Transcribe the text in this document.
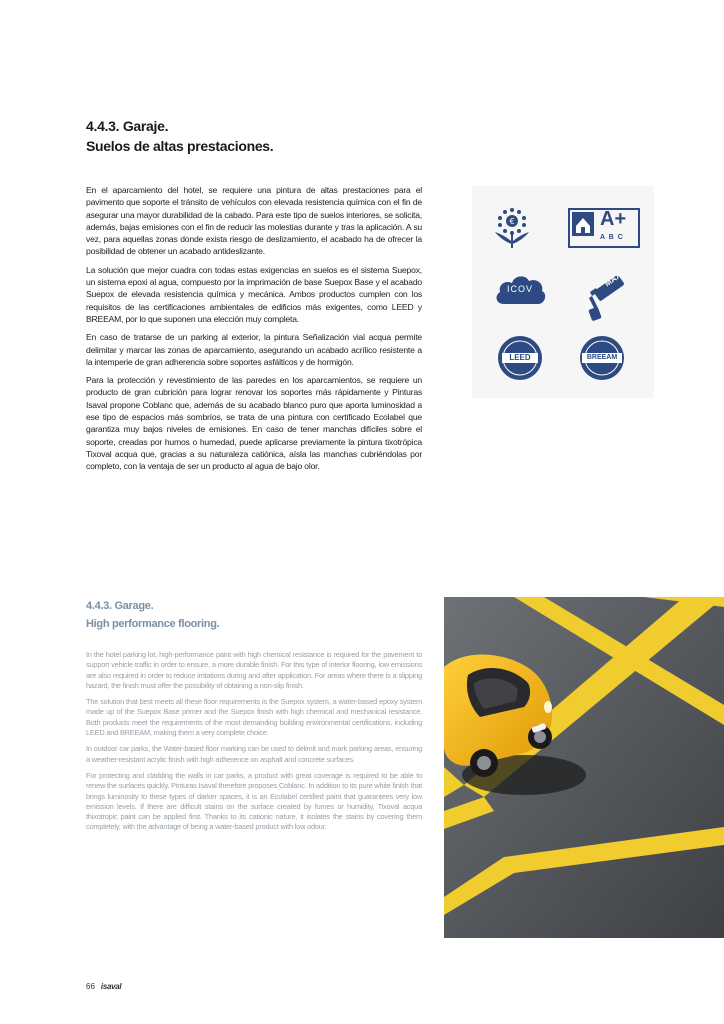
4.4.3. Garaje.
Suelos de altas prestaciones.

En el aparcamiento del hotel, se requiere una pintura de altas prestaciones para el pavimento que soporte el tránsito de vehículos con elevada resistencia química con el fin de asegurar una mayor durabilidad de la cabado. Para este tipo de suelos interiores, se solicita, además, bajas emisiones con el fin de reducir las molestias durante y tras la aplicación. A su vez, para aquellas zonas donde exista riesgo de deslizamiento, el acabado ha de ofrecer la posibilidad de obtener un acabado antideslizante.

La solución que mejor cuadra con todas estas exigencias en suelos es el sistema Suepox, un sistema epoxi al agua, compuesto por la imprimación de base Suepox Base y el acabado Suepox de elevada resistencia química y mecánica. Ambos productos cumplen con los requisitos de las certificaciones ambientales de edificios más exigentes, como LEED y BREEAM, por lo que suponen una elección muy completa.

En caso de tratarse de un parking al exterior, la pintura Señalización vial acqua permite delimitar y marcar las zonas de aparcamiento, asegurando un acabado acrílico resistente a la intemperie de gran adherencia sobre soportes asfálticos y de hormigón.

Para la protección y revestimiento de las paredes en los aparcamientos, se requiere un producto de gran cubrición para lograr renovar los soportes más rápidamente y Pinturas Isaval propone Coblanc que, además de su acabado blanco puro que aporta luminosidad a ese tipo de espacios más sombríos, se trata de una pintura con certificado Ecolabel que garantiza muy bajos niveles de emisiones. En caso de tener manchas difíciles sobre el soporte, creadas por humos o humedad, puede aplicarse previamente la pintura tixotrópica Tixoval acqua que, gracias a su naturaleza catiónica, aísla las manchas cubriéndolas por completo, con la ventaja de ser un producto al agua de bajo olor.

€	A+
A B C
ICOV
MAX
LEED	BREEAM
4.4.3. Garage.
High performance flooring.

In the hotel parking lot, high-performance paint with high chemical resistance is required for the pavement to support vehicle traffic in order to ensure, a more durable finish. For this type of interior flooring, low emissions are also required in order to reduce irritations during and after application. For areas where there is a slipping hazard, the finish must offer the possibility of obtaining a non-slip finish.

The solution that best meets all these floor requirements is the Suepox system, a water-based epoxy system made up of the Suepox Base primer and the Suepox finish with high chemical and mechanical resistance. Both products meet the requirements of the most demanding building environmental certifications, including LEED and BREEAM, making them a very complete choice.

In outdoor car parks, the Water-based floor marking can be used to delimit and mark parking areas, ensuring a weather-resistant acrylic finish with high adherence on asphalt and concrete surfaces.

For protecting and cladding the walls in car parks, a product with great coverage is required to be able to renew the surfaces quickly. Pinturas Isaval therefore proposes Coblanc. In addition to its pure white finish that brings luminosity to these types of darker spaces, it is an Ecolabel certified paint that guarantees very low emission levels. If there are difficult stains on the surface created by fumes or humidity, Tixoval acqua thixotropic paint can be applied first. Thanks to its cationic nature, it isolates the stains by covering them completely, with the advantage of being a water-based product with low odour.

66 isaval
